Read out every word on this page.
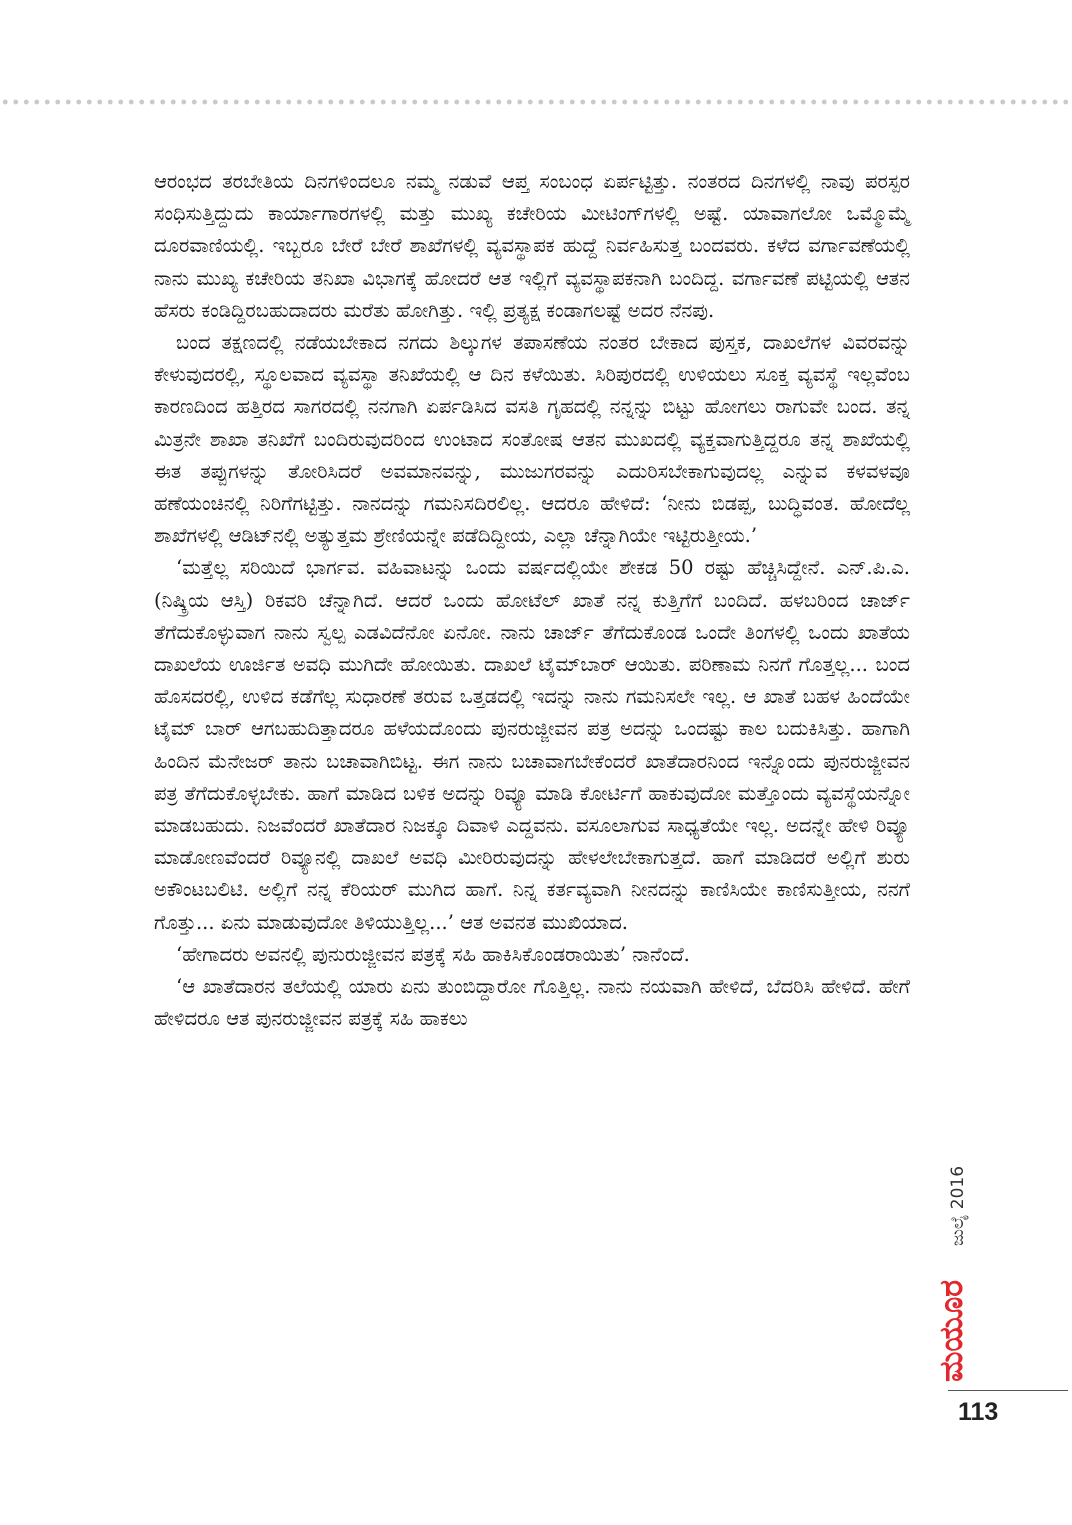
ಆರಂಭದ ತರಬೇತಿಯ ದಿನಗಳಿಂದಲೂ ನಮ್ಮ ನಡುವೆ ಆಪ್ತ ಸಂಬಂಧ ಏರ್ಪಟ್ಟಿತ್ತು. ನಂತರದ ದಿನಗಳಲ್ಲಿ ನಾವು ಪರಸ್ಪರ ಸಂಧಿಸುತ್ತಿದ್ದುದು ಕಾರ್ಯಾಗಾರಗಳಲ್ಲಿ ಮತ್ತು ಮುಖ್ಯ ಕಚೇರಿಯ ಮೀಟಿಂಗ್‌ಗಳಲ್ಲಿ ಅಷ್ಟೆ. ಯಾವಾಗಲೋ ಒಮ್ಮೊಮ್ಮೆ ದೂರವಾಣಿಯಲ್ಲಿ. ಇಬ್ಬರೂ ಬೇರೆ ಬೇರೆ ಶಾಖೆಗಳಲ್ಲಿ ವ್ಯವಸ್ಥಾಪಕ ಹುದ್ದೆ ನಿರ್ವಹಿಸುತ್ತ ಬಂದವರು. ಕಳೆದ ವರ್ಗಾವಣೆಯಲ್ಲಿ ನಾನು ಮುಖ್ಯ ಕಚೇರಿಯ ತನಿಖಾ ವಿಭಾಗಕ್ಕೆ ಹೋದರೆ ಆತ ಇಲ್ಲಿಗೆ ವ್ಯವಸ್ಥಾಪಕನಾಗಿ ಬಂದಿದ್ದ. ವರ್ಗಾವಣೆ ಪಟ್ಟಿಯಲ್ಲಿ ಆತನ ಹೆಸರು ಕಂಡಿದ್ದಿರಬಹುದಾದರು ಮರೆತು ಹೋಗಿತ್ತು. ಇಲ್ಲಿ ಪ್ರತ್ಯಕ್ಷ ಕಂಡಾಗಲಷ್ಟೆ ಅದರ ನೆನಪು.

ಬಂದ ತಕ್ಷಣದಲ್ಲಿ ನಡೆಯಬೇಕಾದ ನಗದು ಶಿಲ್ಕುಗಳ ತಪಾಸಣೆಯ ನಂತರ ಬೇಕಾದ ಪುಸ್ತಕ, ದಾಖಲೆಗಳ ವಿವರವನ್ನು ಕೇಳುವುದರಲ್ಲಿ, ಸ್ಥೂಲವಾದ ವ್ಯವಸ್ಥಾ ತನಿಖೆಯಲ್ಲಿ ಆ ದಿನ ಕಳೆಯಿತು. ಸಿರಿಪುರದಲ್ಲಿ ಉಳಿಯಲು ಸೂಕ್ತ ವ್ಯವಸ್ಥೆ ಇಲ್ಲವೆಂಬ ಕಾರಣದಿಂದ ಹತ್ತಿರದ ಸಾಗರದಲ್ಲಿ ನನಗಾಗಿ ಏರ್ಪಡಿಸಿದ ವಸತಿ ಗೃಹದಲ್ಲಿ ನನ್ನನ್ನು ಬಿಟ್ಟು ಹೋಗಲು ರಾಗುವೇ ಬಂದ. ತನ್ನ ಮಿತ್ರನೇ ಶಾಖಾ ತನಿಖೆಗೆ ಬಂದಿರುವುದರಿಂದ ಉಂಟಾದ ಸಂತೋಷ ಆತನ ಮುಖದಲ್ಲಿ ವ್ಯಕ್ತವಾಗುತ್ತಿದ್ದರೂ ತನ್ನ ಶಾಖೆಯಲ್ಲಿ ಈತ ತಪ್ಪುಗಳನ್ನು ತೋರಿಸಿದರೆ ಅವಮಾನವನ್ನು, ಮುಜುಗರವನ್ನು ಎದುರಿಸಬೇಕಾಗುವುದಲ್ಲ ಎನ್ನುವ ಕಳವಳವೂ ಹಣೆಯಂಚಿನಲ್ಲಿ ನಿರಿಗೆಗಟ್ಟಿತ್ತು. ನಾನದನ್ನು ಗಮನಿಸದಿರಲಿಲ್ಲ. ಆದರೂ ಹೇಳಿದೆ: ‘ನೀನು ಬಿಡಪ್ಪ, ಬುದ್ಧಿವಂತ. ಹೋದೆಲ್ಲ ಶಾಖೆಗಳಲ್ಲಿ ಆಡಿಟ್‌ನಲ್ಲಿ ಅತ್ಯುತ್ತಮ ಶ್ರೇಣಿಯನ್ನೇ ಪಡೆದಿದ್ದೀಯ, ಎಲ್ಲಾ ಚೆನ್ನಾಗಿಯೇ ಇಟ್ಟಿರುತ್ತೀಯ.’

‘ಮತ್ತೆಲ್ಲ ಸರಿಯಿದೆ ಭಾರ್ಗವ. ವಹಿವಾಟನ್ನು ಒಂದು ವರ್ಷದಲ್ಲಿಯೇ ಶೇಕಡ 50 ರಷ್ಟು ಹೆಚ್ಚಿಸಿದ್ದೇನೆ. ಎನ್.ಪಿ.ಎ. (ನಿಷ್ಕ್ರಿಯ ಆಸ್ತಿ) ರಿಕವರಿ ಚೆನ್ನಾಗಿದೆ. ಆದರೆ ಒಂದು ಹೋಟೆಲ್ ಖಾತೆ ನನ್ನ ಕುತ್ತಿಗೆಗೆ ಬಂದಿದೆ. ಹಳಬರಿಂದ ಚಾರ್ಜ್ ತೆಗೆದುಕೊಳ್ಳುವಾಗ ನಾನು ಸ್ವಲ್ಪ ಎಡವಿದೆನೋ ಏನೋ. ನಾನು ಚಾರ್ಜ್ ತೆಗೆದುಕೊಂಡ ಒಂದೇ ತಿಂಗಳಲ್ಲಿ ಒಂದು ಖಾತೆಯ ದಾಖಲೆಯ ಊರ್ಜಿತ ಅವಧಿ ಮುಗಿದೇ ಹೋಯಿತು. ದಾಖಲೆ ಟೈಮ್‌ಬಾರ್ ಆಯಿತು. ಪರಿಣಾಮ ನಿನಗೆ ಗೊತ್ತಲ್ಲ... ಬಂದ ಹೊಸದರಲ್ಲಿ, ಉಳಿದ ಕಡೆಗೆಲ್ಲ ಸುಧಾರಣೆ ತರುವ ಒತ್ತಡದಲ್ಲಿ ಇದನ್ನು ನಾನು ಗಮನಿಸಲೇ ಇಲ್ಲ. ಆ ಖಾತೆ ಬಹಳ ಹಿಂದೆಯೇ ಟೈಮ್ ಬಾರ್ ಆಗಬಹುದಿತ್ತಾದರೂ ಹಳೆಯದೊಂದು ಪುನರುಜ್ಜೀವನ ಪತ್ರ ಅದನ್ನು ಒಂದಷ್ಟು ಕಾಲ ಬದುಕಿಸಿತ್ತು. ಹಾಗಾಗಿ ಹಿಂದಿನ ಮೆನೇಜರ್ ತಾನು ಬಚಾವಾಗಿಬಿಟ್ಟ. ಈಗ ನಾನು ಬಚಾವಾಗಬೇಕೆಂದರೆ ಖಾತೆದಾರನಿಂದ ಇನ್ನೊಂದು ಪುನರುಜ್ಜೀವನ ಪತ್ರ ತೆಗೆದುಕೊಳ್ಳಬೇಕು. ಹಾಗೆ ಮಾಡಿದ ಬಳಿಕ ಅದನ್ನು ರಿವ್ಯೂ ಮಾಡಿ ಕೋರ್ಟಿಗೆ ಹಾಕುವುದೋ ಮತ್ತೊಂದು ವ್ಯವಸ್ಥೆಯನ್ನೋ ಮಾಡಬಹುದು. ನಿಜವೆಂದರೆ ಖಾತೆದಾರ ನಿಜಕ್ಕೂ ದಿವಾಳಿ ಎದ್ದವನು. ವಸೂಲಾಗುವ ಸಾಧ್ಯತೆಯೇ ಇಲ್ಲ. ಅದನ್ನೇ ಹೇಳಿ ರಿವ್ಯೂ ಮಾಡೋಣವೆಂದರೆ ರಿವ್ಯೂನಲ್ಲಿ ದಾಖಲೆ ಅವಧಿ ಮೀರಿರುವುದನ್ನು ಹೇಳಲೇಬೇಕಾಗುತ್ತದೆ. ಹಾಗೆ ಮಾಡಿದರೆ ಅಲ್ಲಿಗೆ ಶುರು ಅಕೌಂಟಬಲಿಟಿ. ಅಲ್ಲಿಗೆ ನನ್ನ ಕೆರಿಯರ್ ಮುಗಿದ ಹಾಗೆ. ನಿನ್ನ ಕರ್ತವ್ಯವಾಗಿ ನೀನದನ್ನು ಕಾಣಿಸಿಯೇ ಕಾಣಿಸುತ್ತೀಯ, ನನಗೆ ಗೊತ್ತು... ಏನು ಮಾಡುವುದೋ ತಿಳಿಯುತ್ತಿಲ್ಲ...’ ಆತ ಅವನತ ಮುಖಿಯಾದ.

‘ಹೇಗಾದರು ಅವನಲ್ಲಿ ಪುನುರುಜ್ಜೀವನ ಪತ್ರಕ್ಕೆ ಸಹಿ ಹಾಕಿಸಿಕೊಂಡರಾಯಿತು’ ನಾನೆಂದೆ.

‘ಆ ಖಾತೆದಾರನ ತಲೆಯಲ್ಲಿ ಯಾರು ಏನು ತುಂಬಿದ್ದಾರೋ ಗೊತ್ತಿಲ್ಲ. ನಾನು ನಯವಾಗಿ ಹೇಳಿದೆ, ಬೆದರಿಸಿ ಹೇಳಿದೆ. ಹೇಗೆ ಹೇಳಿದರೂ ಆತ ಪುನರುಜ್ಜೀವನ ಪತ್ರಕ್ಕೆ ಸಹಿ ಹಾಕಲು

ಜುಲೈ 2016
ಮಯೂರ
113
